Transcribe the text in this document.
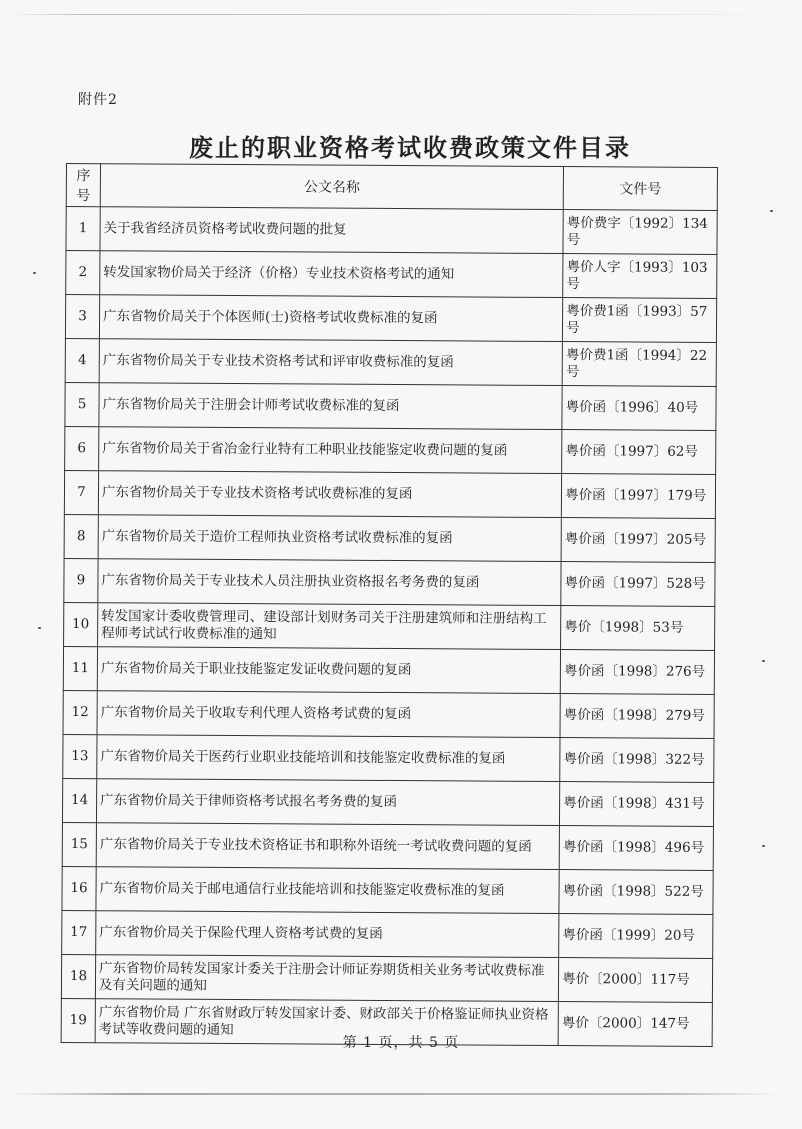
附件2
废止的职业资格考试收费政策文件目录
序号	公文名称	文件号
1	关于我省经济员资格考试收费问题的批复	粤价费字〔1992〕134号
2	转发国家物价局关于经济（价格）专业技术资格考试的通知	粤价人字〔1993〕103号
3	广东省物价局关于个体医师(士)资格考试收费标准的复函	粤价费1函〔1993〕57号
4	广东省物价局关于专业技术资格考试和评审收费标准的复函	粤价费1函〔1994〕22号
5	广东省物价局关于注册会计师考试收费标准的复函	粤价函〔1996〕40号
6	广东省物价局关于省冶金行业特有工种职业技能鉴定收费问题的复函	粤价函〔1997〕62号
7	广东省物价局关于专业技术资格考试收费标准的复函	粤价函〔1997〕179号
8	广东省物价局关于造价工程师执业资格考试收费标准的复函	粤价函〔1997〕205号
9	广东省物价局关于专业技术人员注册执业资格报名考务费的复函	粤价函〔1997〕528号
10	转发国家计委收费管理司、建设部计划财务司关于注册建筑师和注册结构工程师考试试行收费标准的通知	粤价〔1998〕53号
11	广东省物价局关于职业技能鉴定发证收费问题的复函	粤价函〔1998〕276号
12	广东省物价局关于收取专利代理人资格考试费的复函	粤价函〔1998〕279号
13	广东省物价局关于医药行业职业技能培训和技能鉴定收费标准的复函	粤价函〔1998〕322号
14	广东省物价局关于律师资格考试报名考务费的复函	粤价函〔1998〕431号
15	广东省物价局关于专业技术资格证书和职称外语统一考试收费问题的复函	粤价函〔1998〕496号
16	广东省物价局关于邮电通信行业技能培训和技能鉴定收费标准的复函	粤价函〔1998〕522号
17	广东省物价局关于保险代理人资格考试费的复函	粤价函〔1999〕20号
18	广东省物价局转发国家计委关于注册会计师证券期货相关业务考试收费标准及有关问题的通知	粤价〔2000〕117号
19	广东省物价局 广东省财政厅转发国家计委、财政部关于价格鉴证师执业资格考试等收费问题的通知	粤价〔2000〕147号
第 1 页，共 5 页
